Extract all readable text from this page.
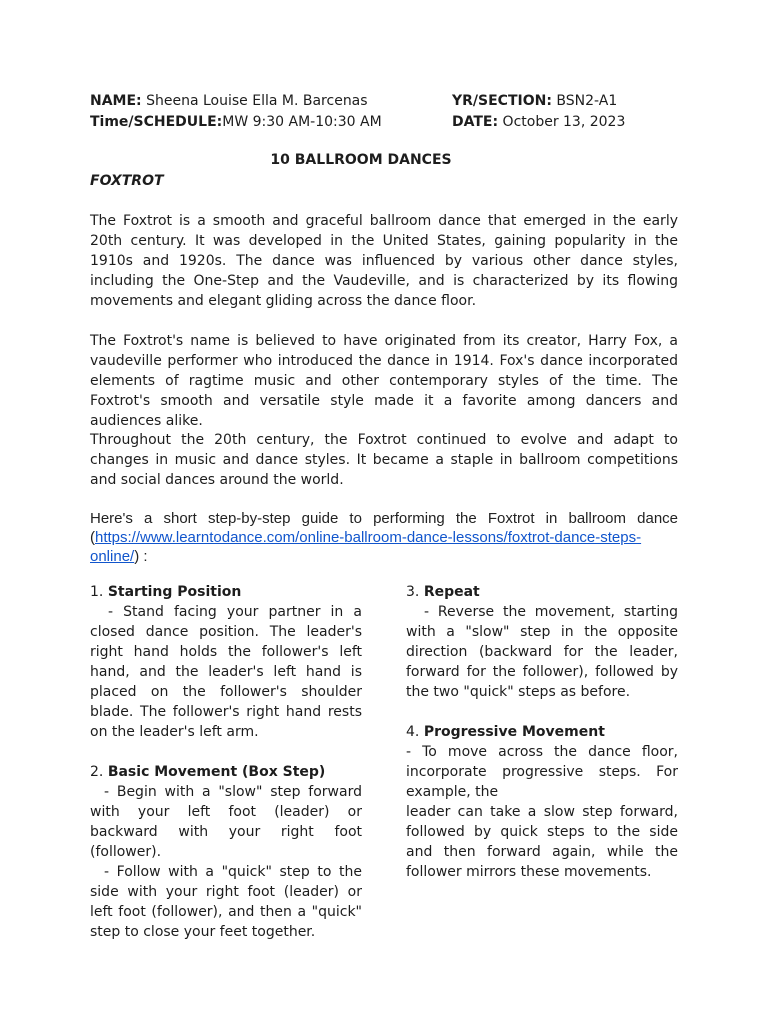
NAME: Sheena Louise Ella M. Barcenas	YR/SECTION: BSN2-A1
Time/SCHEDULE:MW 9:30 AM-10:30 AM	DATE: October 13, 2023
10 BALLROOM DANCES
FOXTROT

The Foxtrot is a smooth and graceful ballroom dance that emerged in the early 20th century. It was developed in the United States, gaining popularity in the 1910s and 1920s. The dance was influenced by various other dance styles, including the One-Step and the Vaudeville, and is characterized by its flowing movements and elegant gliding across the dance floor.

The Foxtrot's name is believed to have originated from its creator, Harry Fox, a vaudeville performer who introduced the dance in 1914. Fox's dance incorporated elements of ragtime music and other contemporary styles of the time. The Foxtrot's smooth and versatile style made it a favorite among dancers and audiences alike.

Throughout the 20th century, the Foxtrot continued to evolve and adapt to changes in music and dance styles. It became a staple in ballroom competitions and social dances around the world.

Here's a short step-by-step guide to performing the Foxtrot in ballroom dance (https://www.learntodance.com/online-ballroom-dance-lessons/foxtrot-dance-steps-online/) :

1. Starting Position

- Stand facing your partner in a closed dance position. The leader's right hand holds the follower's left hand, and the leader's left hand is placed on the follower's shoulder blade. The follower's right hand rests on the leader's left arm.

2. Basic Movement (Box Step)

- Begin with a "slow" step forward with your left foot (leader) or backward with your right foot (follower).

- Follow with a "quick" step to the side with your right foot (leader) or left foot (follower), and then a "quick" step to close your feet together.

3. Repeat

- Reverse the movement, starting with a "slow" step in the opposite direction (backward for the leader, forward for the follower), followed by the two "quick" steps as before.

4. Progressive Movement

- To move across the dance floor, incorporate progressive steps. For example, the

leader can take a slow step forward, followed by quick steps to the side and then forward again, while the follower mirrors these movements.
